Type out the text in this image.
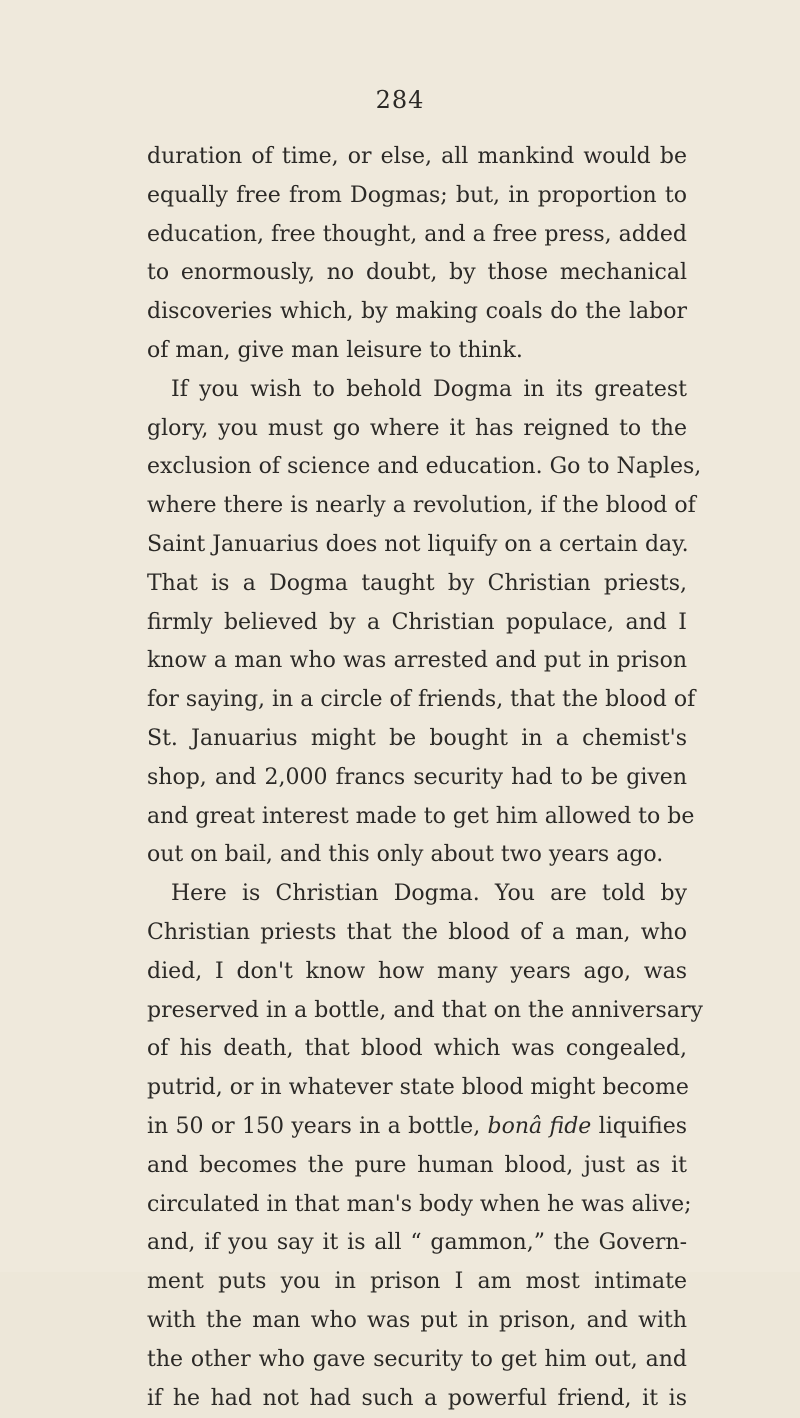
284
duration of time, or else, all mankind would be
equally free from Dogmas; but, in proportion to
education, free thought, and a free press, added
to enormously, no doubt, by those mechanical
discoveries which, by making coals do the labor
of man, give man leisure to think.
If you wish to behold Dogma in its greatest
glory, you must go where it has reigned to the
exclusion of science and education. Go to Naples,
where there is nearly a revolution, if the blood of
Saint Januarius does not liquify on a certain day.
That is a Dogma taught by Christian priests,
firmly believed by a Christian populace, and I
know a man who was arrested and put in prison
for saying, in a circle of friends, that the blood of
St. Januarius might be bought in a chemist's
shop, and 2,000 francs security had to be given
and great interest made to get him allowed to be
out on bail, and this only about two years ago.
Here is Christian Dogma. You are told by
Christian priests that the blood of a man, who
died, I don't know how many years ago, was
preserved in a bottle, and that on the anniversary
of his death, that blood which was congealed,
putrid, or in whatever state blood might become
in 50 or 150 years in a bottle, bonâ fide liquifies
and becomes the pure human blood, just as it
circulated in that man's body when he was alive;
and, if you say it is all “ gammon,” the Govern-
ment puts you in prison I am most intimate
with the man who was put in prison, and with
the other who gave security to get him out, and
if he had not had such a powerful friend, it is
